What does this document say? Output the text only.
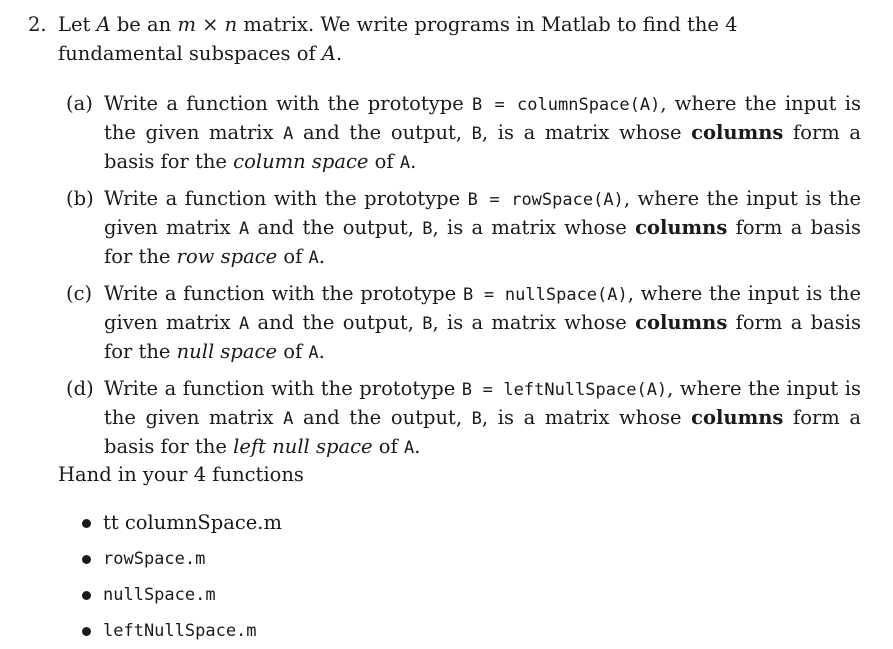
2. Let A be an m × n matrix. We write programs in Matlab to find the 4 fundamental subspaces of A.
(a) Write a function with the prototype B = columnSpace(A), where the input is the given matrix A and the output, B, is a matrix whose columns form a basis for the column space of A.
(b) Write a function with the prototype B = rowSpace(A), where the input is the given matrix A and the output, B, is a matrix whose columns form a basis for the row space of A.
(c) Write a function with the prototype B = nullSpace(A), where the input is the given matrix A and the output, B, is a matrix whose columns form a basis for the null space of A.
(d) Write a function with the prototype B = leftNullSpace(A), where the input is the given matrix A and the output, B, is a matrix whose columns form a basis for the left null space of A.
Hand in your 4 functions
tt columnSpace.m
rowSpace.m
nullSpace.m
leftNullSpace.m
